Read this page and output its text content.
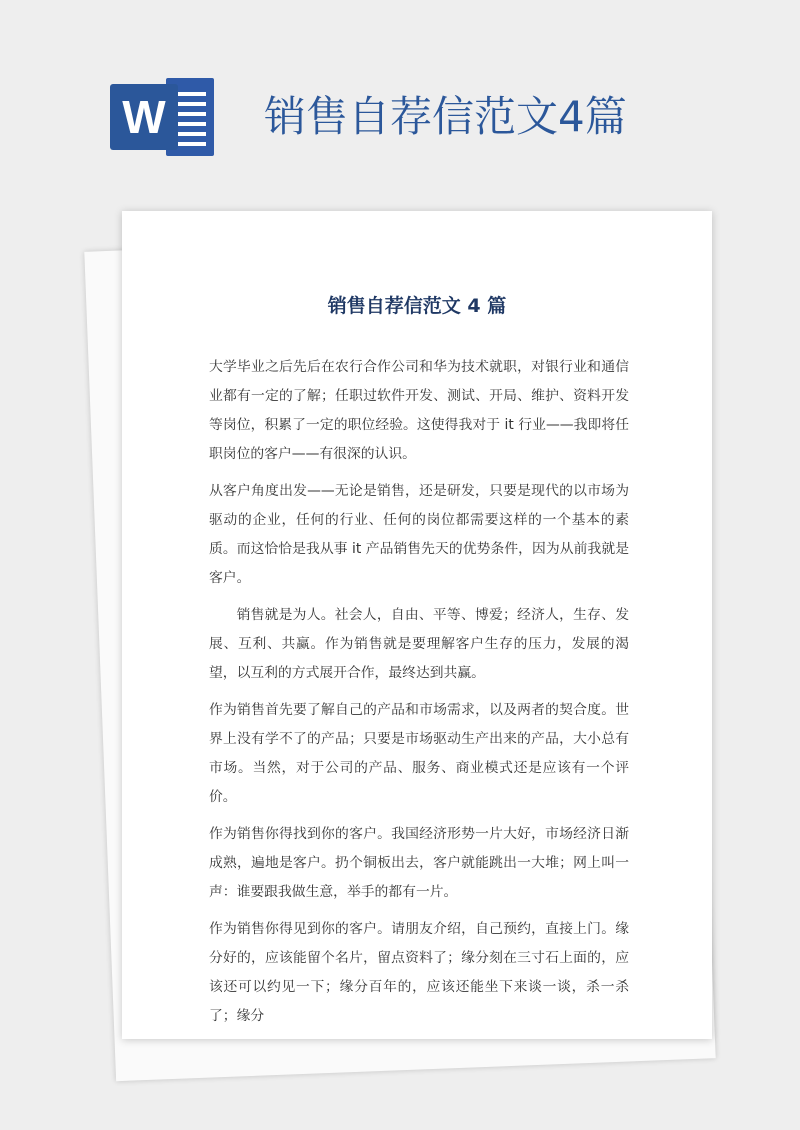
W 销售自荐信范文4篇
销售自荐信范文 4 篇

大学毕业之后先后在农行合作公司和华为技术就职，对银行业和通信业都有一定的了解；任职过软件开发、测试、开局、维护、资料开发等岗位，积累了一定的职位经验。这使得我对于 it 行业——我即将任职岗位的客户——有很深的认识。

从客户角度出发——无论是销售，还是研发，只要是现代的以市场为驱动的企业，任何的行业、任何的岗位都需要这样的一个基本的素质。而这恰恰是我从事 it 产品销售先天的优势条件，因为从前我就是客户。

销售就是为人。社会人，自由、平等、博爱；经济人，生存、发展、互利、共赢。作为销售就是要理解客户生存的压力，发展的渴望，以互利的方式展开合作，最终达到共赢。

作为销售首先要了解自己的产品和市场需求，以及两者的契合度。世界上没有学不了的产品；只要是市场驱动生产出来的产品，大小总有市场。当然，对于公司的产品、服务、商业模式还是应该有一个评价。

作为销售你得找到你的客户。我国经济形势一片大好，市场经济日渐成熟，遍地是客户。扔个铜板出去，客户就能跳出一大堆；网上叫一声：谁要跟我做生意，举手的都有一片。

作为销售你得见到你的客户。请朋友介绍，自己预约，直接上门。缘分好的，应该能留个名片，留点资料了；缘分刻在三寸石上面的，应该还可以约见一下；缘分百年的，应该还能坐下来谈一谈，杀一杀了；缘分
